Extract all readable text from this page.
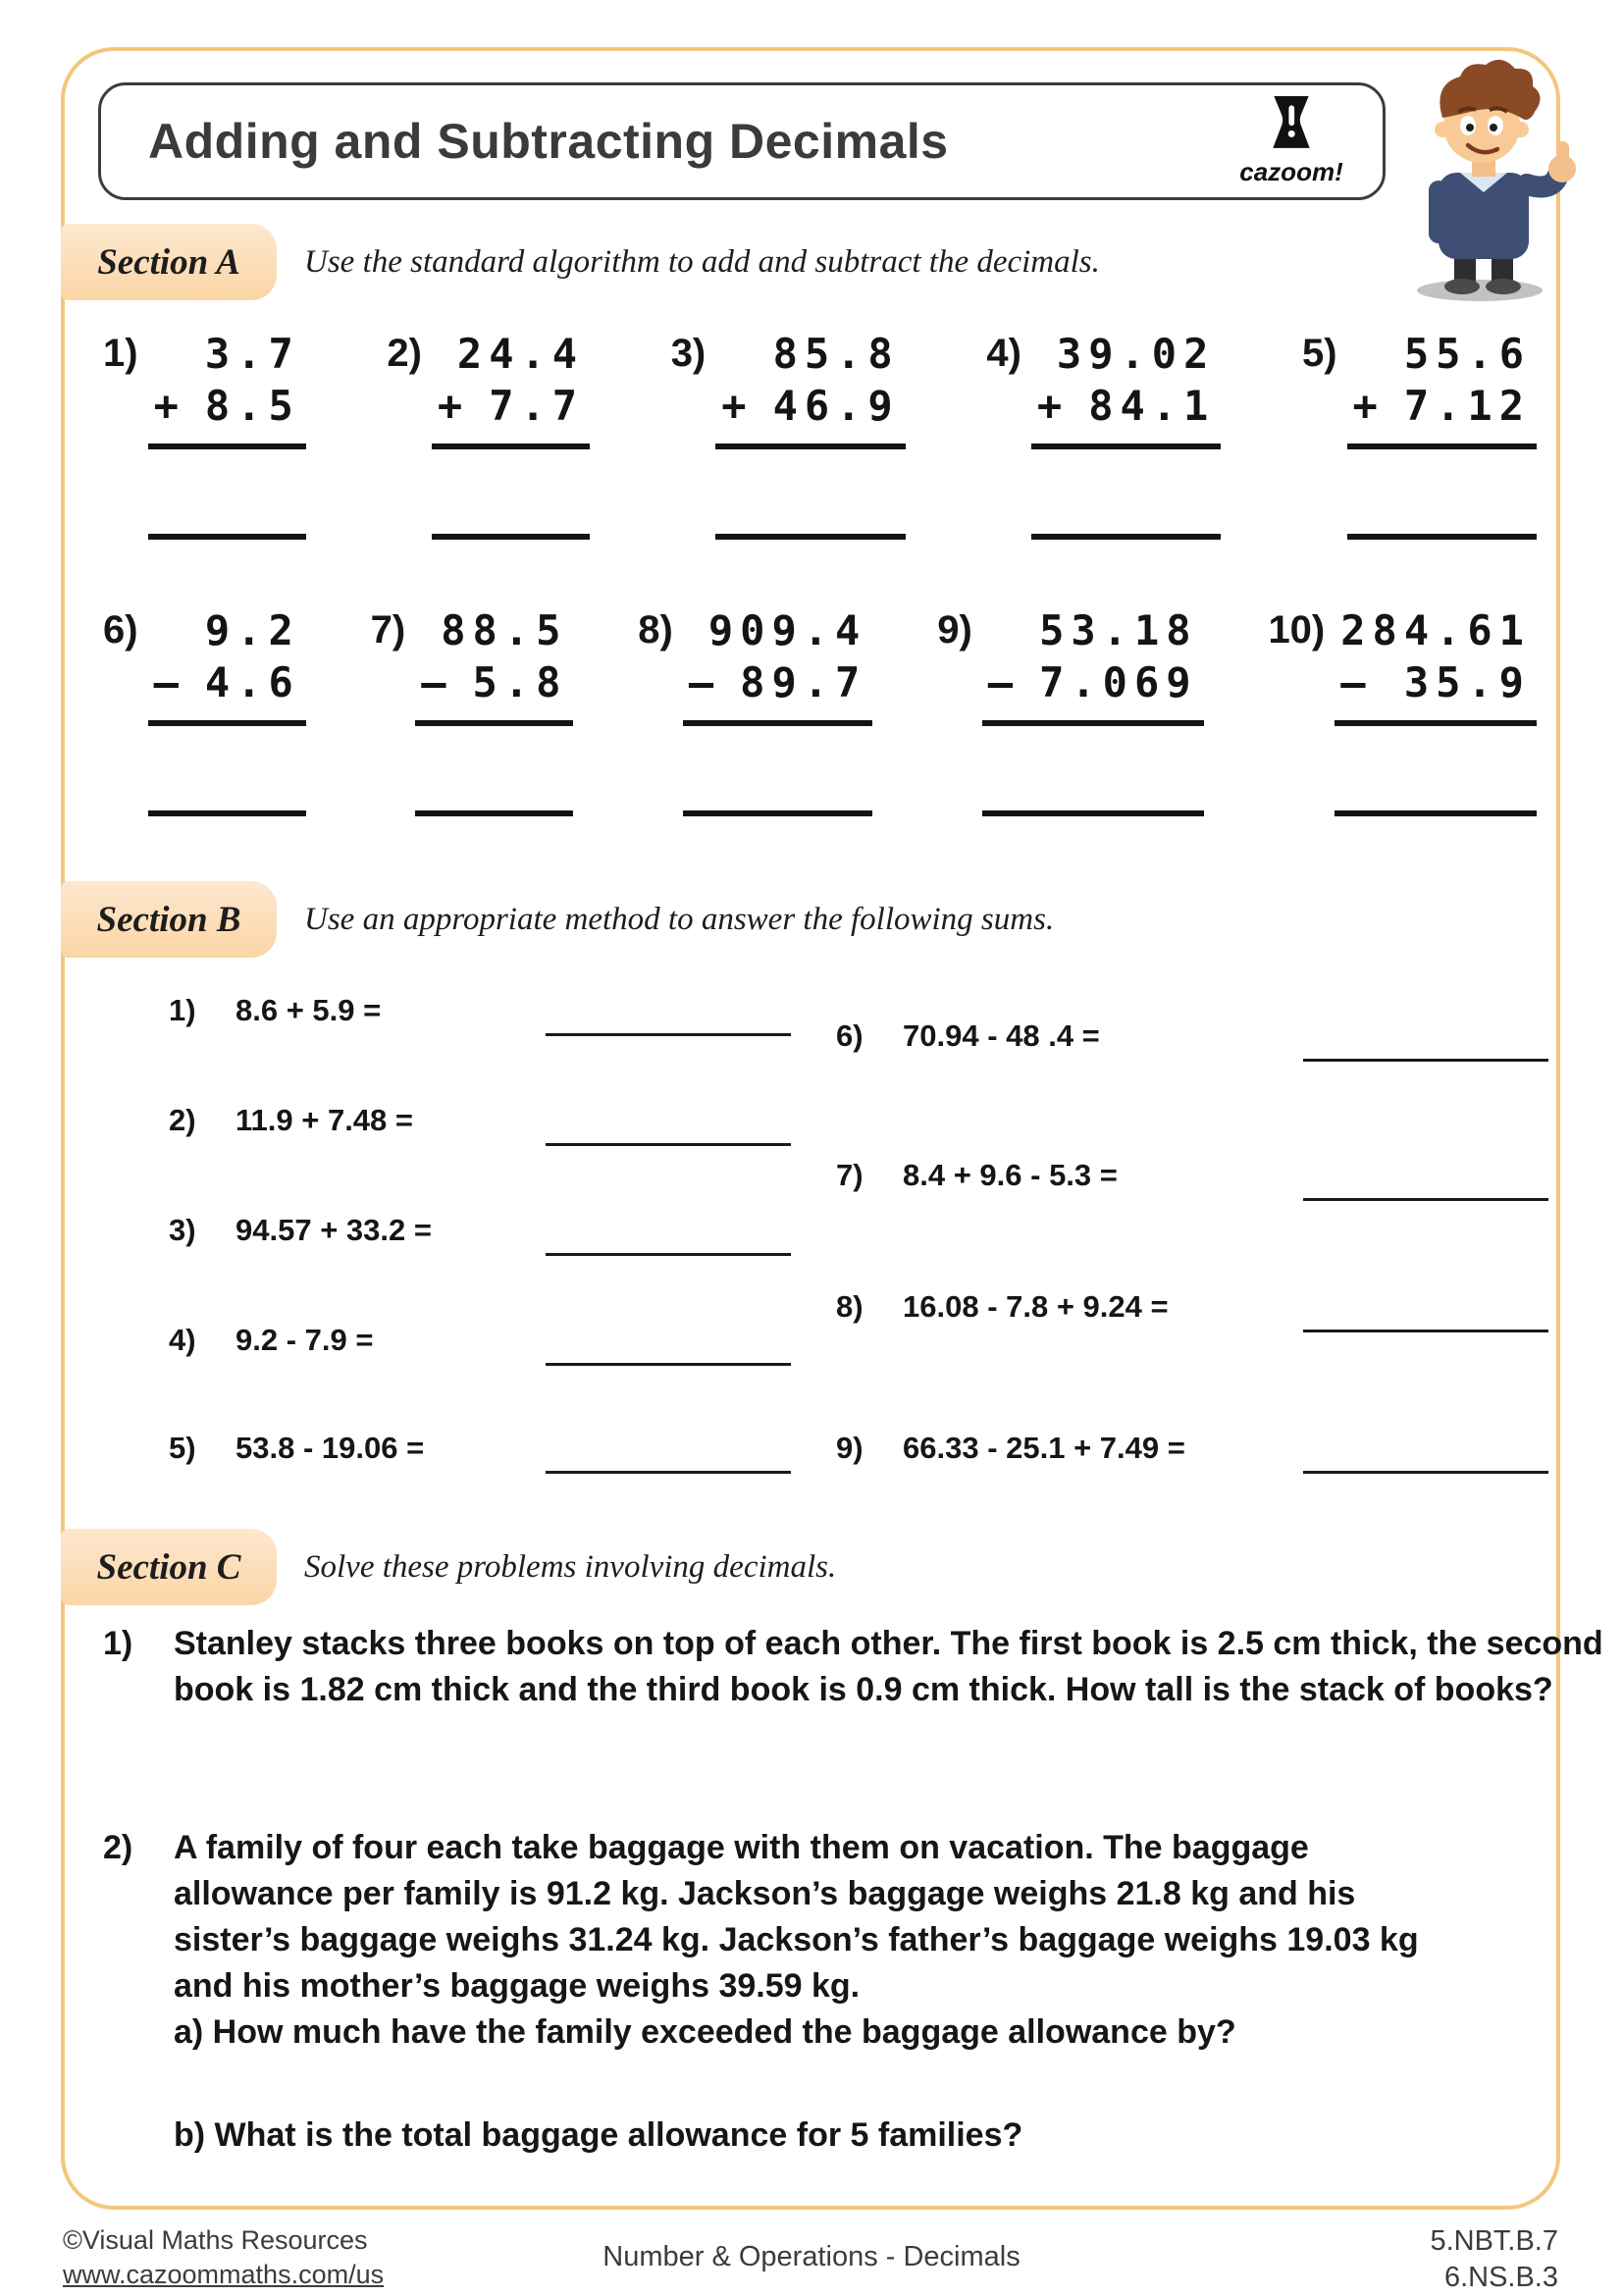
Adding and Subtracting Decimals
cazoom!
Section A	Use the standard algorithm to add and subtract the decimals.
1)	3.7
+ 8.5
2) 24.4
+ 7.7
3)	85.8
+ 46.9
4) 39.02
+ 84.1
5)	55.6
+ 7.12
6)	9.2
– 4.6
7) 88.5
– 5.8
8) 909.4
– 89.7
9)	53.18
– 7.069
10) 284.61
– 35.9
Section B	Use an appropriate method to answer the following sums.
1)	8.6 + 5.9 =
2)	11.9 + 7.48 =
3)	94.57 + 33.2 =
4)	9.2 - 7.9 =
5)	53.8 - 19.06 =
6)	70.94 - 48 .4 =
7)	8.4 + 9.6 - 5.3 =
8)	16.08 - 7.8 + 9.24 =
9)	66.33 - 25.1 + 7.49 =
Section C	Solve these problems involving decimals.
1)	Stanley stacks three books on top of each other. The first book is 2.5 cm thick, the second book is 1.82 cm thick and the third book is 0.9 cm thick. How tall is the stack of books?
2)	A family of four each take baggage with them on vacation. The baggage allowance per family is 91.2 kg. Jackson’s baggage weighs 21.8 kg and his sister’s baggage weighs 31.24 kg. Jackson’s father’s baggage weighs 19.03 kg and his mother’s baggage weighs 39.59 kg.
a) How much have the family exceeded the baggage allowance by?
b) What is the total baggage allowance for 5 families?
©Visual Maths Resources
www.cazoommaths.com/us
Number & Operations - Decimals	5.NBT.B.7
6.NS.B.3
